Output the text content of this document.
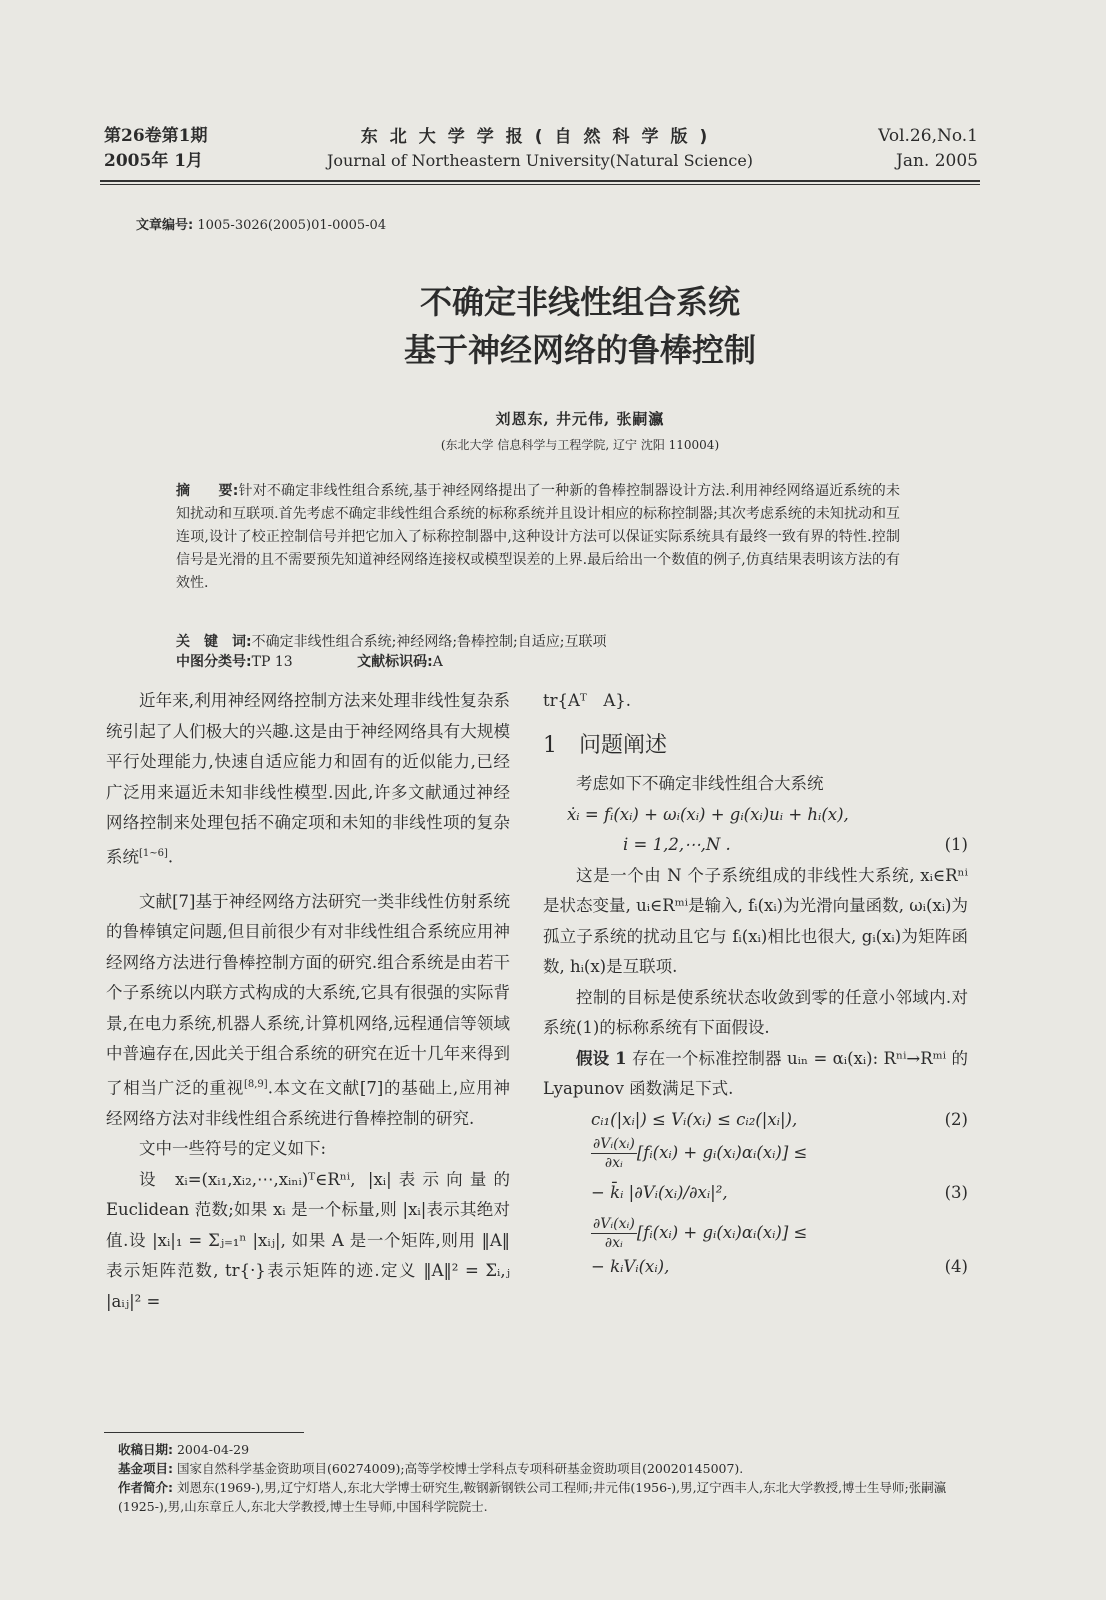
第26卷第1期
2005年 1月
东北大学学报(自然科学版)
Journal of Northeastern University(Natural Science)
Vol.26,No.1
Jan. 2005
文章编号: 1005-3026(2005)01-0005-04
不确定非线性组合系统
基于神经网络的鲁棒控制
刘恩东, 井元伟, 张嗣瀛
(东北大学 信息科学与工程学院, 辽宁 沈阳 110004)
摘　　要:针对不确定非线性组合系统,基于神经网络提出了一种新的鲁棒控制器设计方法.利用神经网络逼近系统的未知扰动和互联项.首先考虑不确定非线性组合系统的标称系统并且设计相应的标称控制器;其次考虑系统的未知扰动和互连项,设计了校正控制信号并把它加入了标称控制器中,这种设计方法可以保证实际系统具有最终一致有界的特性.控制信号是光滑的且不需要预先知道神经网络连接权或模型误差的上界.最后给出一个数值的例子,仿真结果表明该方法的有效性.
关　键　词:不确定非线性组合系统;神经网络;鲁棒控制;自适应;互联项
中图分类号:TP 13	文献标识码:A

近年来,利用神经网络控制方法来处理非线性复杂系统引起了人们极大的兴趣.这是由于神经网络具有大规模平行处理能力,快速自适应能力和固有的近似能力,已经广泛用来逼近未知非线性模型.因此,许多文献通过神经网络控制来处理包括不确定项和未知的非线性项的复杂系统[1~6].

文献[7]基于神经网络方法研究一类非线性仿射系统的鲁棒镇定问题,但目前很少有对非线性组合系统应用神经网络方法进行鲁棒控制方面的研究.组合系统是由若干个子系统以内联方式构成的大系统,它具有很强的实际背景,在电力系统,机器人系统,计算机网络,远程通信等领域中普遍存在,因此关于组合系统的研究在近十几年来得到了相当广泛的重视[8,9].本文在文献[7]的基础上,应用神经网络方法对非线性组合系统进行鲁棒控制的研究.

文中一些符号的定义如下:

设 xᵢ=(xᵢ₁,xᵢ₂,⋯,xᵢₙᵢ)ᵀ∈Rⁿⁱ, |xᵢ|表示向量的 Euclidean 范数;如果 xᵢ 是一个标量,则 |xᵢ|表示其绝对值.设 |xᵢ|₁ = Σⱼ₌₁ⁿ |xᵢⱼ|, 如果 A 是一个矩阵,则用 ‖A‖ 表示矩阵范数, tr{·}表示矩阵的迹.定义 ‖A‖² = Σᵢ,ⱼ |aᵢⱼ|² =

tr{Aᵀ　A}.

1　问题阐述

考虑如下不确定非线性组合大系统

ẋᵢ = fᵢ(xᵢ) + ωᵢ(xᵢ) + gᵢ(xᵢ)uᵢ + hᵢ(x),
i = 1,2,⋯,N .	(1)

这是一个由 N 个子系统组成的非线性大系统, xᵢ∈Rⁿⁱ是状态变量, uᵢ∈Rᵐⁱ是输入, fᵢ(xᵢ)为光滑向量函数, ωᵢ(xᵢ)为孤立子系统的扰动且它与 fᵢ(xᵢ)相比也很大, gᵢ(xᵢ)为矩阵函数, hᵢ(x)是互联项.

控制的目标是使系统状态收敛到零的任意小邻域内.对系统(1)的标称系统有下面假设.

假设 1 存在一个标准控制器 uᵢₙ = αᵢ(xᵢ): Rⁿⁱ→Rᵐⁱ 的 Lyapunov 函数满足下式.

cᵢ₁(|xᵢ|) ≤ Vᵢ(xᵢ) ≤ cᵢ₂(|xᵢ|),	(2)
$\frac{\text{∂Vᵢ(xᵢ)}}{\text{∂xᵢ}}$ [fᵢ(xᵢ) + gᵢ(xᵢ)αᵢ(xᵢ)] ≤
− k̄ᵢ |∂Vᵢ(xᵢ)/∂xᵢ|²,	(3)
$\frac{\text{∂Vᵢ(xᵢ)}}{\text{∂xᵢ}}$ [fᵢ(xᵢ) + gᵢ(xᵢ)αᵢ(xᵢ)] ≤
− kᵢVᵢ(xᵢ),	(4)
收稿日期: 2004-04-29
基金项目: 国家自然科学基金资助项目(60274009);高等学校博士学科点专项科研基金资助项目(20020145007).
作者简介: 刘恩东(1969-),男,辽宁灯塔人,东北大学博士研究生,鞍钢新钢铁公司工程师;井元伟(1956-),男,辽宁西丰人,东北大学教授,博士生导师;张嗣瀛(1925-),男,山东章丘人,东北大学教授,博士生导师,中国科学院院士.
